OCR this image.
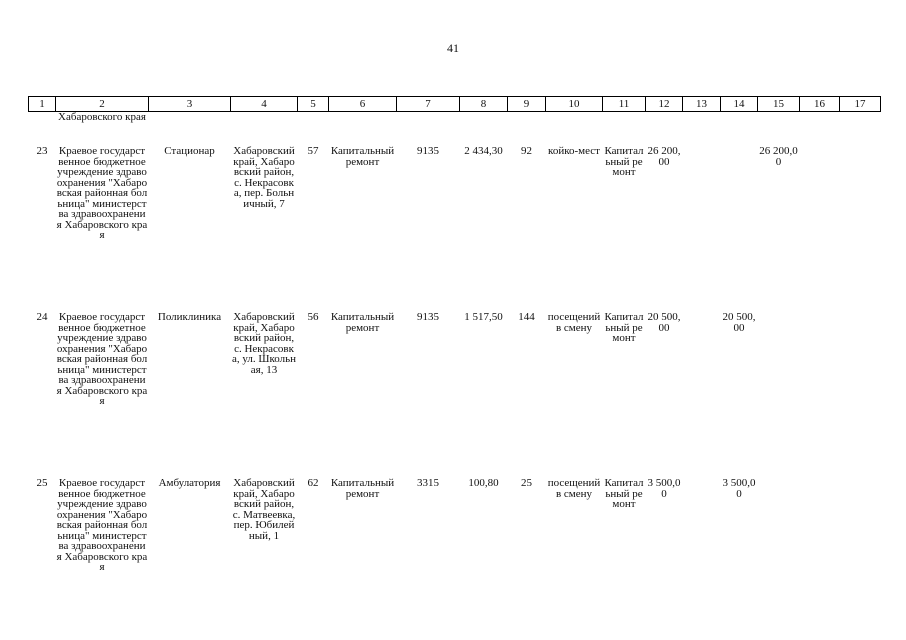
41
1	2	3	4	5	6	7	8	9	10	11	12	13	14	15	16	17
	Хабаровского края															
23	Краевое государственное бюджетное учреждение здравоохранения "Хабаровская районная больница" министерства здравоохранения Хабаровского края	Стационар	Хабаровский край, Хабаровский район, с. Некрасовка, пер. Больничный, 7	57	Капитальный ремонт	9135	2 434,30	92	койко-мест	Капитальный ремонт	26 200,00			26 200,00		
24	Краевое государственное бюджетное учреждение здравоохранения "Хабаровская районная больница" министерства здравоохранения Хабаровского края	Поликлиника	Хабаровский край, Хабаровский район, с. Некрасовка, ул. Школьная, 13	56	Капитальный ремонт	9135	1 517,50	144	посещений в смену	Капитальный ремонт	20 500,00		20 500,00			
25	Краевое государственное бюджетное учреждение здравоохранения "Хабаровская районная больница" министерства здравоохранения Хабаровского края	Амбулатория	Хабаровский край, Хабаровский район, с. Матвеевка, пер. Юбилейный, 1	62	Капитальный ремонт	3315	100,80	25	посещений в смену	Капитальный ремонт	3 500,00		3 500,00			
